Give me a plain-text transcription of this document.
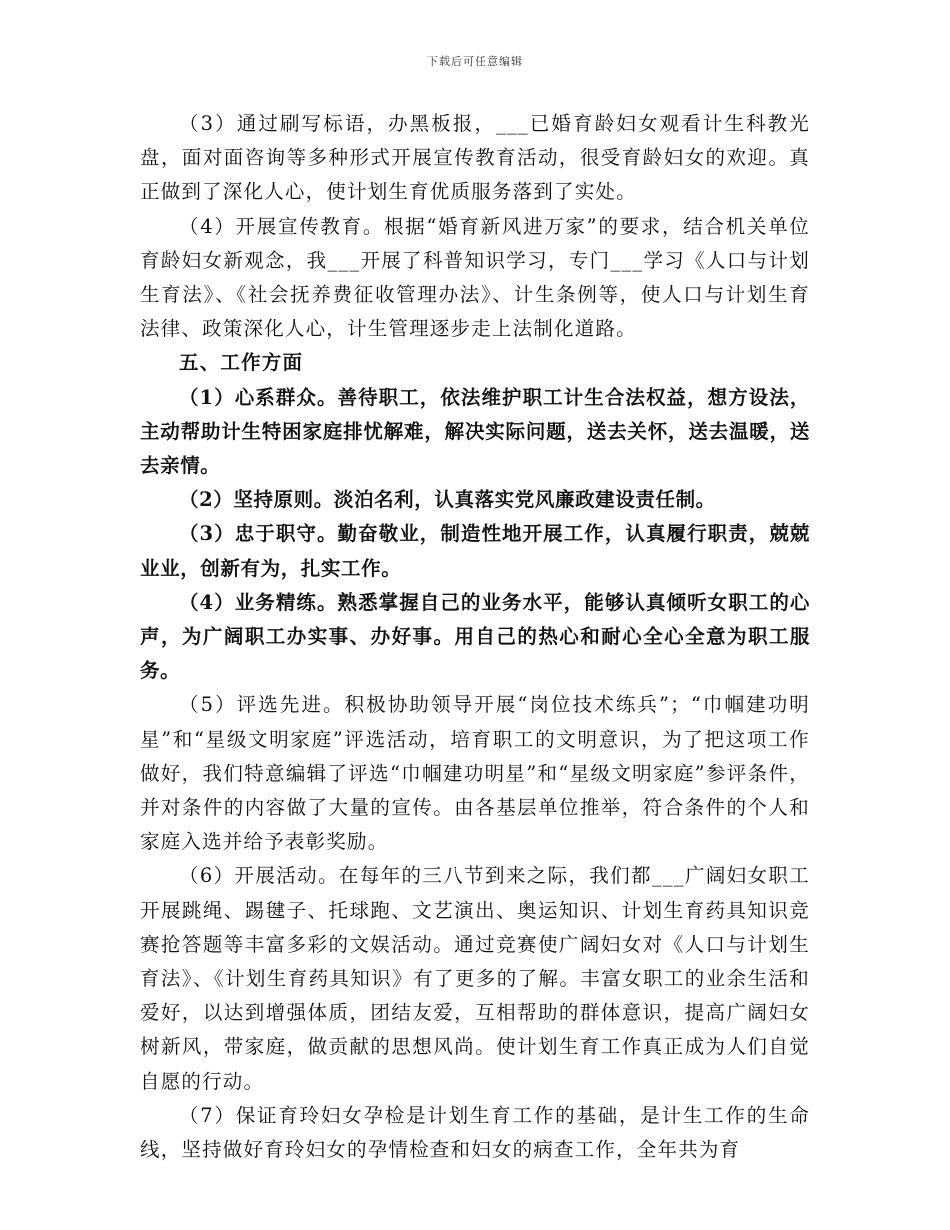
下载后可任意编辑

（3）通过刷写标语，办黑板报，___已婚育龄妇女观看计生科教光盘，面对面咨询等多种形式开展宣传教育活动，很受育龄妇女的欢迎。真正做到了深化人心，使计划生育优质服务落到了实处。

（4）开展宣传教育。根据“婚育新风进万家”的要求，结合机关单位育龄妇女新观念，我___开展了科普知识学习，专门___学习《人口与计划生育法》、《社会抚养费征收管理办法》、计生条例等，使人口与计划生育法律、政策深化人心，计生管理逐步走上法制化道路。

五、工作方面

（1）心系群众。善待职工，依法维护职工计生合法权益，想方设法，主动帮助计生特困家庭排忧解难，解决实际问题，送去关怀，送去温暖，送去亲情。

（2）坚持原则。淡泊名利，认真落实党风廉政建设责任制。

（3）忠于职守。勤奋敬业，制造性地开展工作，认真履行职责，兢兢业业，创新有为，扎实工作。

（4）业务精练。熟悉掌握自己的业务水平，能够认真倾听女职工的心声，为广阔职工办实事、办好事。用自己的热心和耐心全心全意为职工服务。

（5）评选先进。积极协助领导开展“岗位技术练兵”；“巾帼建功明星”和“星级文明家庭”评选活动，培育职工的文明意识，为了把这项工作做好，我们特意编辑了评选“巾帼建功明星”和“星级文明家庭”参评条件，并对条件的内容做了大量的宣传。由各基层单位推举，符合条件的个人和家庭入选并给予表彰奖励。

（6）开展活动。在每年的三八节到来之际，我们都___广阔妇女职工开展跳绳、踢毽子、托球跑、文艺演出、奥运知识、计划生育药具知识竞赛抢答题等丰富多彩的文娱活动。通过竞赛使广阔妇女对《人口与计划生育法》、《计划生育药具知识》有了更多的了解。丰富女职工的业余生活和爱好，以达到增强体质，团结友爱，互相帮助的群体意识，提高广阔妇女树新风，带家庭，做贡献的思想风尚。使计划生育工作真正成为人们自觉自愿的行动。

（7）保证育玲妇女孕检是计划生育工作的基础，是计生工作的生命线，坚持做好育玲妇女的孕情检查和妇女的病查工作，全年共为育
